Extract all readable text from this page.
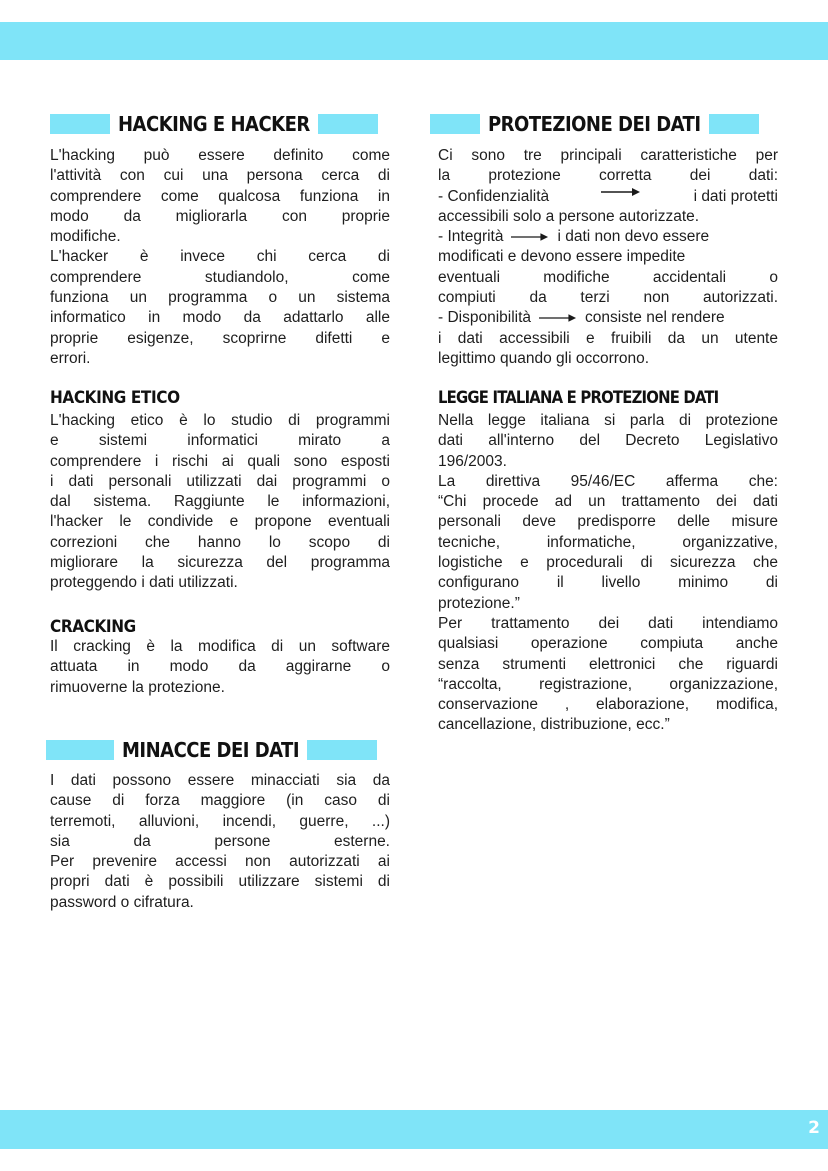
HACKING E HACKER
L'hacking può essere definito come
l'attività con cui una persona cerca di
comprendere come qualcosa funziona in
modo da migliorarla con proprie
modifiche.
L'hacker è invece chi cerca di
comprendere studiandolo, come
funziona un programma o un sistema
informatico in modo da adattarlo alle
proprie esigenze, scoprirne difetti e
errori.
HACKING ETICO
L'hacking etico è lo studio di programmi
e sistemi informatici mirato a
comprendere i rischi ai quali sono esposti
i dati personali utilizzati dai programmi o
dal sistema. Raggiunte le informazioni,
l'hacker le condivide e propone eventuali
correzioni che hanno lo scopo di
migliorare la sicurezza del programma
proteggendo i dati utilizzati.
CRACKING
Il cracking è la modifica di un software
attuata in modo da aggirarne o
rimuoverne la protezione.
MINACCE DEI DATI
I dati possono essere minacciati sia da
cause di forza maggiore (in caso di
terremoti, alluvioni, incendi, guerre, ...)
sia da persone esterne.
Per prevenire accessi non autorizzati ai
propri dati è possibili utilizzare sistemi di
password o cifratura.
PROTEZIONE DEI DATI
Ci sono tre principali caratteristiche per
la protezione corretta dei dati:
- Confidenzialità	i dati protetti
accessibili solo a persone autorizzate.
- Integrità	i dati non devo essere
modificati e devono essere impedite
eventuali modifiche accidentali o
compiuti da terzi non autorizzati.
- Disponibilità	consiste nel rendere
i dati accessibili e fruibili da un utente
legittimo quando gli occorrono.
LEGGE ITALIANA E PROTEZIONE DATI
Nella legge italiana si parla di protezione
dati all'interno del Decreto Legislativo
196/2003.
La direttiva 95/46/EC afferma che:
“Chi procede ad un trattamento dei dati
personali deve predisporre delle misure
tecniche, informatiche, organizzative,
logistiche e procedurali di sicurezza che
configurano il livello minimo di
protezione.”
Per trattamento dei dati intendiamo
qualsiasi operazione compiuta anche
senza strumenti elettronici che riguardi
“raccolta, registrazione, organizzazione,
conservazione , elaborazione, modifica,
cancellazione, distribuzione, ecc.”
2
